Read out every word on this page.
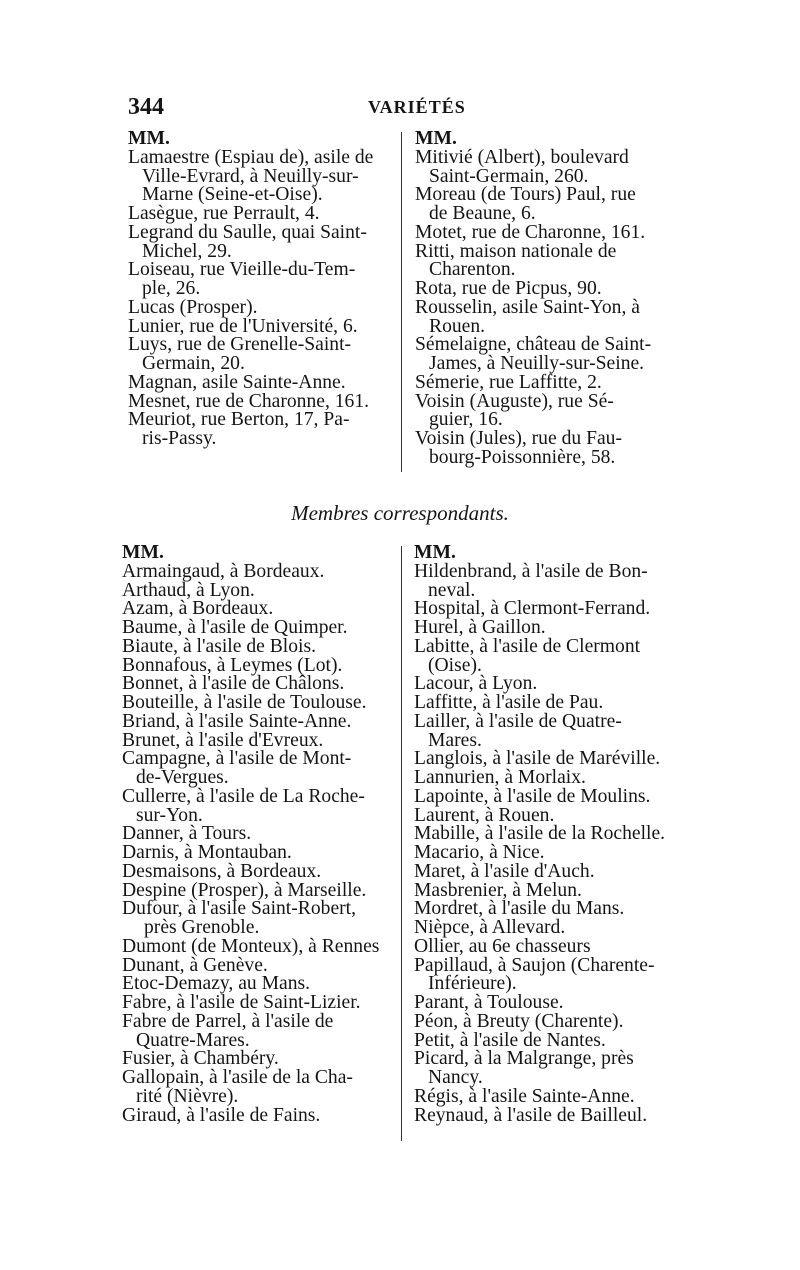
344	VARIÉTÉS

MM.

Lamaestre (Espiau de), asile de

Ville-Evrard, à Neuilly-sur-

Marne (Seine-et-Oise).

Lasègue, rue Perrault, 4.

Legrand du Saulle, quai Saint-

Michel, 29.

Loiseau, rue Vieille-du-Tem-

ple, 26.

Lucas (Prosper).

Lunier, rue de l'Université, 6.

Luys, rue de Grenelle-Saint-

Germain, 20.

Magnan, asile Sainte-Anne.

Mesnet, rue de Charonne, 161.

Meuriot, rue Berton, 17, Pa-

ris-Passy.

MM.

Mitivié (Albert), boulevard

Saint-Germain, 260.

Moreau (de Tours) Paul, rue

de Beaune, 6.

Motet, rue de Charonne, 161.

Ritti, maison nationale de

Charenton.

Rota, rue de Picpus, 90.

Rousselin, asile Saint-Yon, à

Rouen.

Sémelaigne, château de Saint-

James, à Neuilly-sur-Seine.

Sémerie, rue Laffitte, 2.

Voisin (Auguste), rue Sé-

guier, 16.

Voisin (Jules), rue du Fau-

bourg-Poissonnière, 58.

Membres correspondants.

MM.

Armaingaud, à Bordeaux.

Arthaud, à Lyon.

Azam, à Bordeaux.

Baume, à l'asile de Quimper.

Biaute, à l'asile de Blois.

Bonnafous, à Leymes (Lot).

Bonnet, à l'asile de Châlons.

Bouteille, à l'asile de Toulouse.

Briand, à l'asile Sainte-Anne.

Brunet, à l'asile d'Evreux.

Campagne, à l'asile de Mont-

de-Vergues.

Cullerre, à l'asile de La Roche-

sur-Yon.

Danner, à Tours.

Darnis, à Montauban.

Desmaisons, à Bordeaux.

Despine (Prosper), à Marseille.

Dufour, à l'asile Saint-Robert,

près Grenoble.

Dumont (de Monteux), à Rennes

Dunant, à Genève.

Etoc-Demazy, au Mans.

Fabre, à l'asile de Saint-Lizier.

Fabre de Parrel, à l'asile de

Quatre-Mares.

Fusier, à Chambéry.

Gallopain, à l'asile de la Cha-

rité (Nièvre).

Giraud, à l'asile de Fains.

MM.

Hildenbrand, à l'asile de Bon-

neval.

Hospital, à Clermont-Ferrand.

Hurel, à Gaillon.

Labitte, à l'asile de Clermont

(Oise).

Lacour, à Lyon.

Laffitte, à l'asile de Pau.

Lailler, à l'asile de Quatre-

Mares.

Langlois, à l'asile de Maréville.

Lannurien, à Morlaix.

Lapointe, à l'asile de Moulins.

Laurent, à Rouen.

Mabille, à l'asile de la Rochelle.

Macario, à Nice.

Maret, à l'asile d'Auch.

Masbrenier, à Melun.

Mordret, à l'asile du Mans.

Nièpce, à Allevard.

Ollier, au 6e chasseurs

Papillaud, à Saujon (Charente-

Inférieure).

Parant, à Toulouse.

Péon, à Breuty (Charente).

Petit, à l'asile de Nantes.

Picard, à la Malgrange, près

Nancy.

Régis, à l'asile Sainte-Anne.

Reynaud, à l'asile de Bailleul.
